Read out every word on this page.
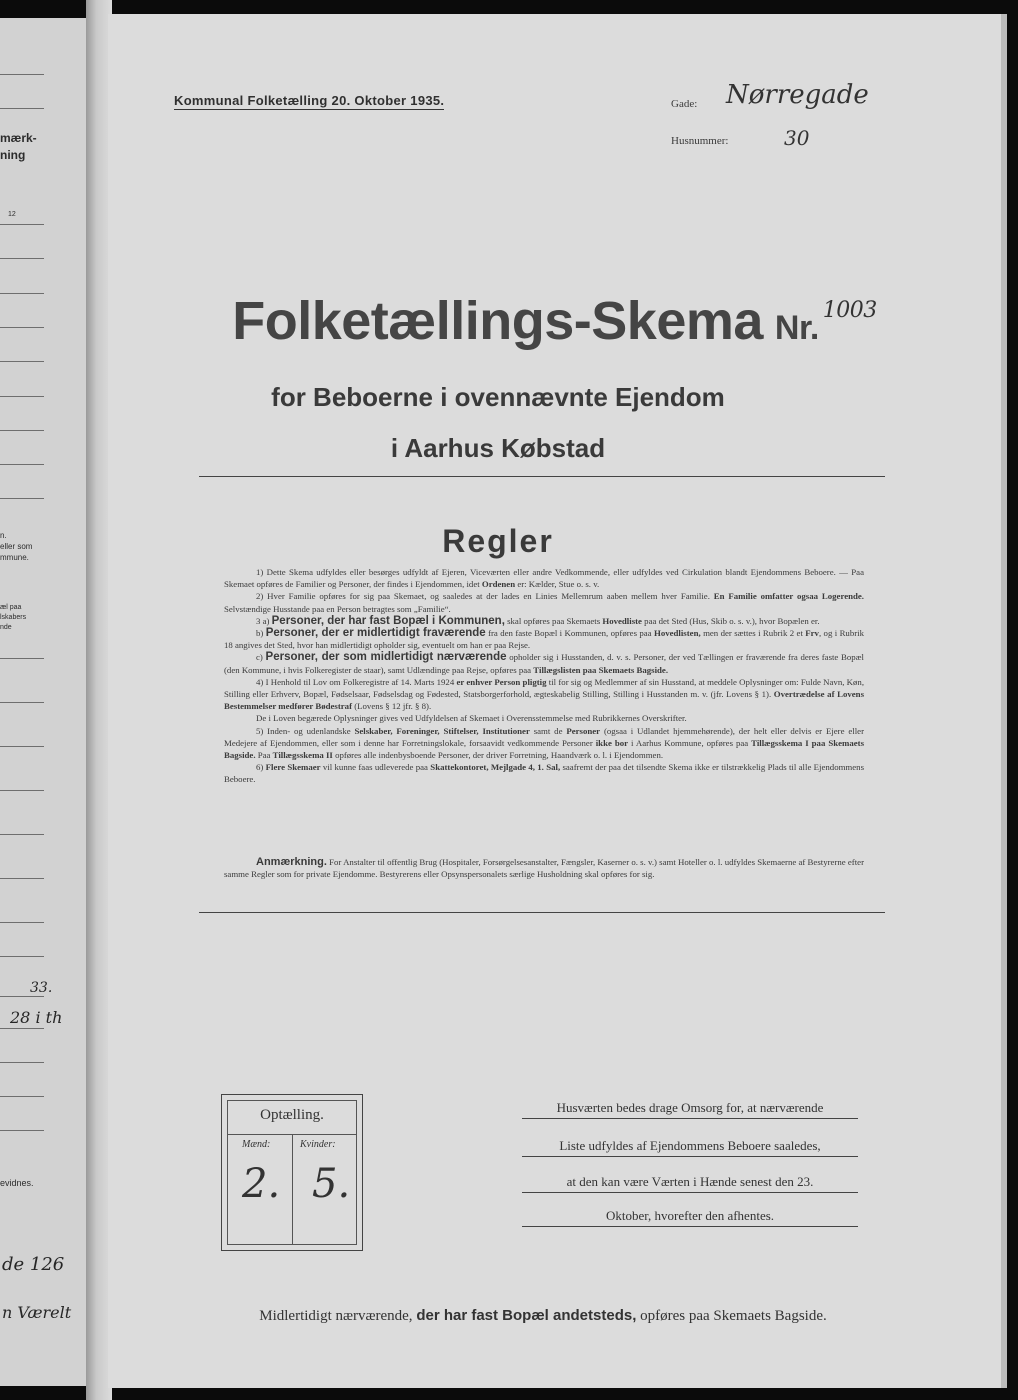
mærk-
ning
12
n.
eller som
mmune.
æl paa
lskabers
nde
33.
28 i th
evidnes.
de 126
n Værelt
Kommunal Folketælling 20. Oktober 1935.	Gade: Nørregade
Husnummer:	30
Folketællings-Skema Nr. $^{1003}$
for Beboerne i ovennævnte Ejendom
i Aarhus Købstad
Regler

1) Dette Skema udfyldes eller besørges udfyldt af Ejeren, Viceværten eller andre Vedkommende, eller udfyldes ved Cirkulation blandt Ejendommens Beboere. — Paa Skemaet opføres de Familier og Personer, der findes i Ejendommen, idet Ordenen er: Kælder, Stue o. s. v.

2) Hver Familie opføres for sig paa Skemaet, og saaledes at der lades en Linies Mellemrum aaben mellem hver Familie. En Familie omfatter ogsaa Logerende. Selvstændige Husstande paa en Person betragtes som „Familie“.

3 a) Personer, der har fast Bopæl i Kommunen, skal opføres paa Skemaets Hovedliste paa det Sted (Hus, Skib o. s. v.), hvor Bopælen er.

b) Personer, der er midlertidigt fraværende fra den faste Bopæl i Kommunen, opføres paa Hovedlisten, men der sættes i Rubrik 2 et Frv, og i Rubrik 18 angives det Sted, hvor han midlertidigt opholder sig, eventuelt om han er paa Rejse.

c) Personer, der som midlertidigt nærværende opholder sig i Husstanden, d. v. s. Personer, der ved Tællingen er fraværende fra deres faste Bopæl (den Kommune, i hvis Folkeregister de staar), samt Udlændinge paa Rejse, opføres paa Tillægslisten paa Skemaets Bagside.

4) I Henhold til Lov om Folkeregistre af 14. Marts 1924 er enhver Person pligtig til for sig og Medlemmer af sin Husstand, at meddele Oplysninger om: Fulde Navn, Køn, Stilling eller Erhverv, Bopæl, Fødselsaar, Fødselsdag og Fødested, Statsborgerforhold, ægteskabelig Stilling, Stilling i Husstanden m. v. (jfr. Lovens § 1). Overtrædelse af Lovens Bestemmelser medfører Bødestraf (Lovens § 12 jfr. § 8).

De i Loven begærede Oplysninger gives ved Udfyldelsen af Skemaet i Overensstemmelse med Rubrikkernes Overskrifter.

5) Inden- og udenlandske Selskaber, Foreninger, Stiftelser, Institutioner samt de Personer (ogsaa i Udlandet hjemmehørende), der helt eller delvis er Ejere eller Medejere af Ejendommen, eller som i denne har Forretningslokale, forsaavidt vedkommende Personer ikke bor i Aarhus Kommune, opføres paa Tillægsskema I paa Skemaets Bagside. Paa Tillægsskema II opføres alle indenbysboende Personer, der driver Forretning, Haandværk o. l. i Ejendommen.

6) Flere Skemaer vil kunne faas udleverede paa Skattekontoret, Mejlgade 4, 1. Sal, saafremt der paa det tilsendte Skema ikke er tilstrækkelig Plads til alle Ejendommens Beboere.

Anmærkning. For Anstalter til offentlig Brug (Hospitaler, Forsørgelsesanstalter, Fængsler, Kaserner o. s. v.) samt Hoteller o. l. udfyldes Skemaerne af Bestyrerne efter samme Regler som for private Ejendomme. Bestyrerens eller Opsynspersonalets særlige Husholdning skal opføres for sig.

Optælling.
Mænd:	Kvinder:
2. 5.
Husværten bedes drage Omsorg for, at nærværende
Liste udfyldes af Ejendommens Beboere saaledes,
at den kan være Værten i Hænde senest den 23.
Oktober, hvorefter den afhentes.
Midlertidigt nærværende, der har fast Bopæl andetsteds, opføres paa Skemaets Bagside.
